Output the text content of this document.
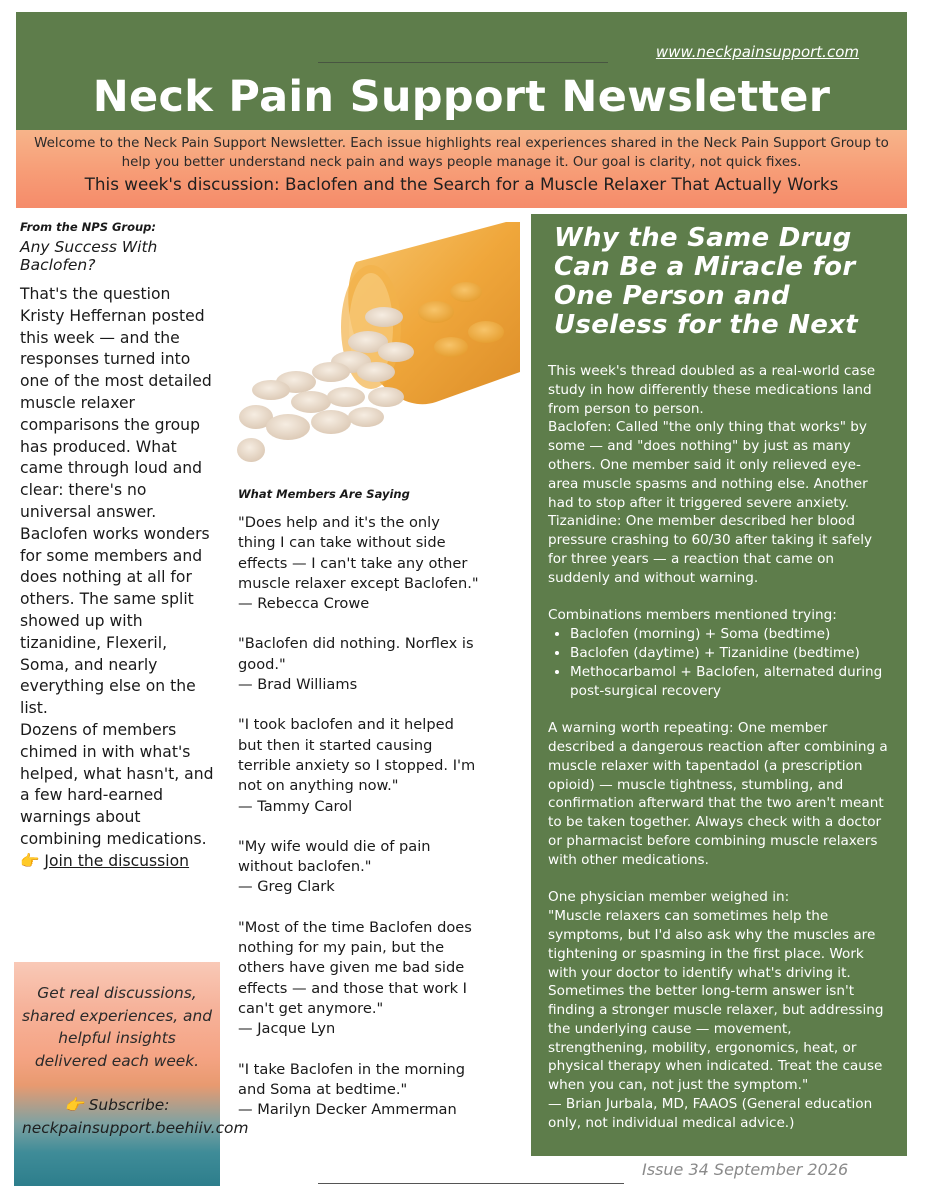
www.neckpainsupport.com
Neck Pain Support Newsletter
Welcome to the Neck Pain Support Newsletter. Each issue highlights real experiences shared in the Neck Pain Support Group to help you better understand neck pain and ways people manage it. Our goal is clarity, not quick fixes.
This week's discussion: Baclofen and the Search for a Muscle Relaxer That Actually Works
From the NPS Group:
Any Success With Baclofen?

That's the question Kristy Heffernan posted this week — and the responses turned into one of the most detailed muscle relaxer comparisons the group has produced. What came through loud and clear: there's no universal answer. Baclofen works wonders for some members and does nothing at all for others. The same split showed up with tizanidine, Flexeril, Soma, and nearly everything else on the list.

Dozens of members chimed in with what's helped, what hasn't, and a few hard-earned warnings about combining medications.

👉 Join the discussion

Get real discussions, shared experiences, and helpful insights delivered each week.
👉 Subscribe:
neckpainsupport.beehiiv.com
What Members Are Saying
"Does help and it's the only thing I can take without side effects — I can't take any other muscle relaxer except Baclofen."
— Rebecca Crowe
"Baclofen did nothing. Norflex is good."
— Brad Williams
"I took baclofen and it helped but then it started causing terrible anxiety so I stopped. I'm not on anything now."
— Tammy Carol
"My wife would die of pain without baclofen."
— Greg Clark
"Most of the time Baclofen does nothing for my pain, but the others have given me bad side effects — and those that work I can't get anymore."
— Jacque Lyn
"I take Baclofen in the morning and Soma at bedtime."
— Marilyn Decker Ammerman
Why the Same Drug Can Be a Miracle for One Person and Useless for the Next

This week's thread doubled as a real-world case study in how differently these medications land from person to person.

Baclofen: Called "the only thing that works" by some — and "does nothing" by just as many others. One member said it only relieved eye-area muscle spasms and nothing else. Another had to stop after it triggered severe anxiety.

Tizanidine: One member described her blood pressure crashing to 60/30 after taking it safely for three years — a reaction that came on suddenly and without warning.

Combinations members mentioned trying:

• Baclofen (morning) + Soma (bedtime)
• Baclofen (daytime) + Tizanidine (bedtime)
• Methocarbamol + Baclofen, alternated during post-surgical recovery

A warning worth repeating: One member described a dangerous reaction after combining a muscle relaxer with tapentadol (a prescription opioid) — muscle tightness, stumbling, and confirmation afterward that the two aren't meant to be taken together. Always check with a doctor or pharmacist before combining muscle relaxers with other medications.

One physician member weighed in:

"Muscle relaxers can sometimes help the symptoms, but I'd also ask why the muscles are tightening or spasming in the first place. Work with your doctor to identify what's driving it. Sometimes the better long-term answer isn't finding a stronger muscle relaxer, but addressing the underlying cause — movement, strengthening, mobility, ergonomics, heat, or physical therapy when indicated. Treat the cause when you can, not just the symptom."

— Brian Jurbala, MD, FAAOS (General education only, not individual medical advice.)

Issue 34 September 2026
